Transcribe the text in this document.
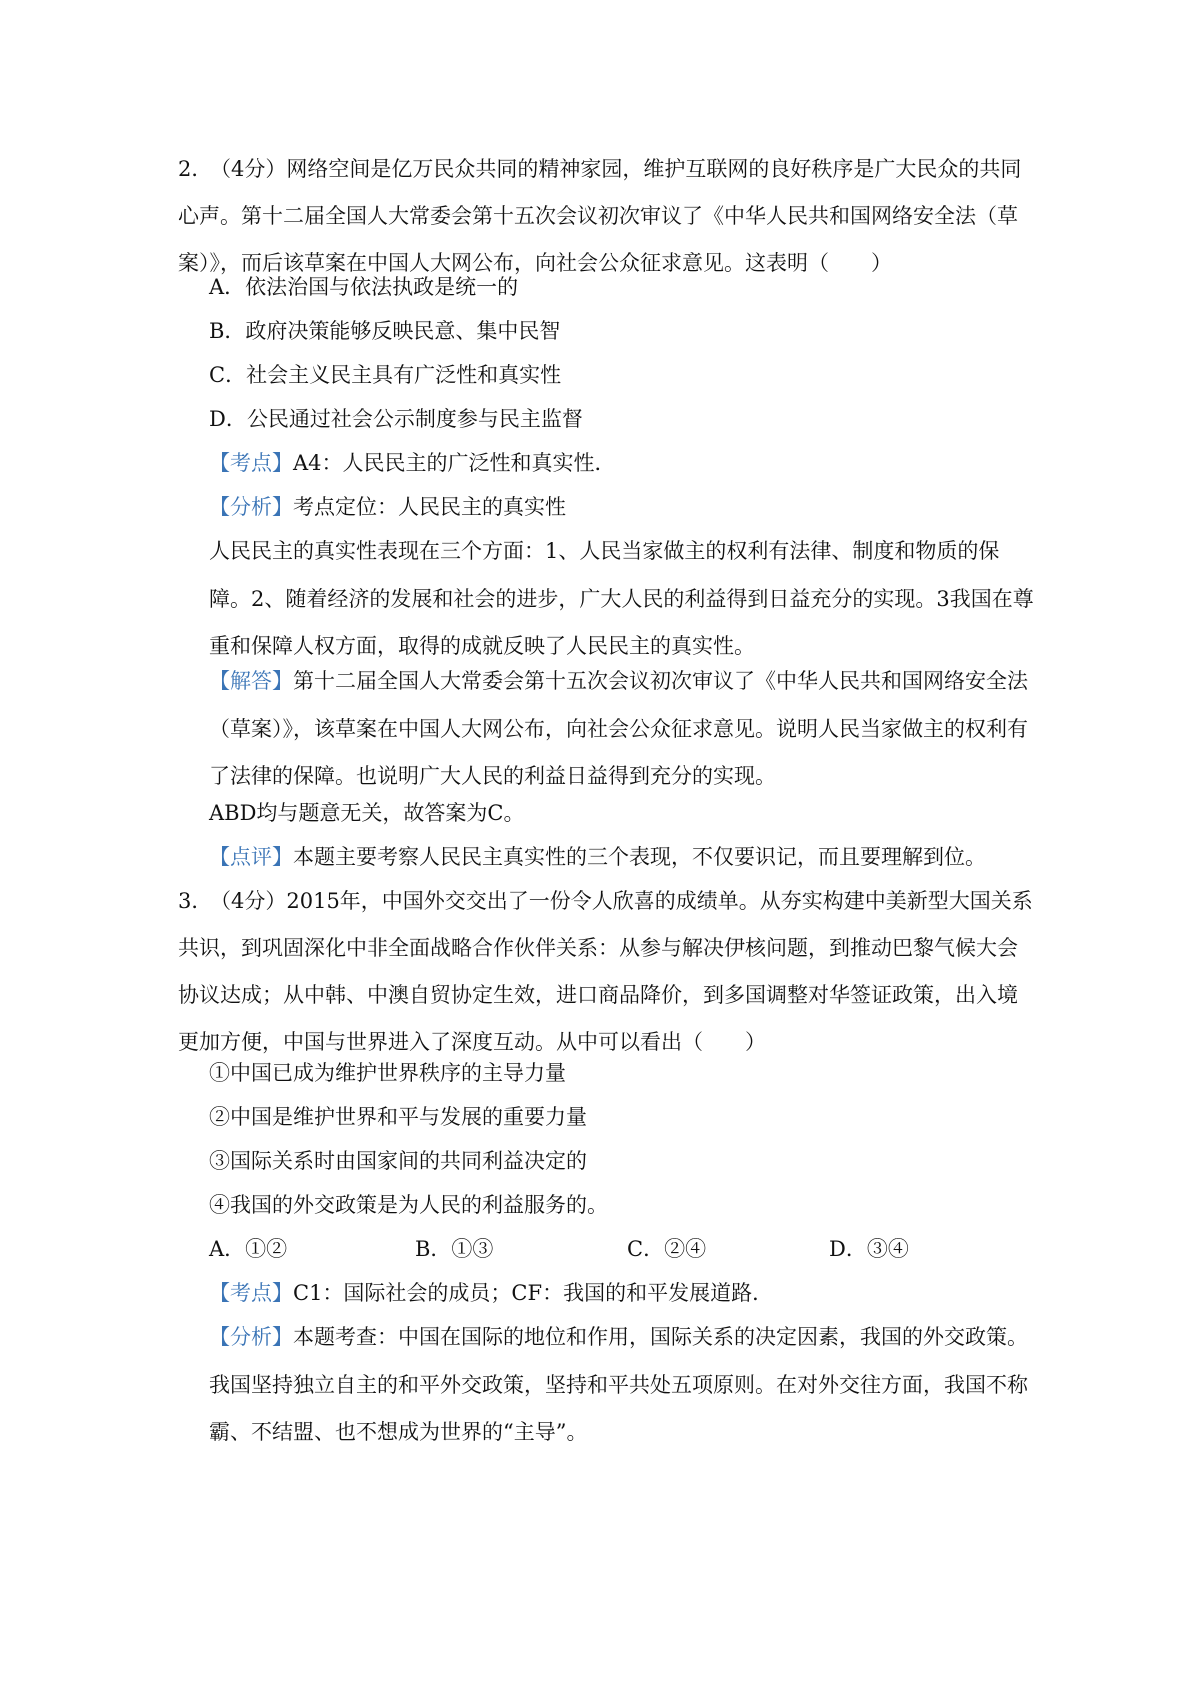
2．
（4分）网络空间是亿万民众共同的精神家园，维护互联网的良好秩序是广大民众的共同心声。第十二届全国人大常委会第十五次会议初次审议了《中华人民共和国网络安全法（草案）》，而后该草案在中国人大网公布，向社会公众征求意见。这表明（　　）
A．依法治国与依法执政是统一的
B．政府决策能够反映民意、集中民智
C．社会主义民主具有广泛性和真实性
D．公民通过社会公示制度参与民主监督
【考点】A4：人民民主的广泛性和真实性．
【分析】考点定位：人民民主的真实性
人民民主的真实性表现在三个方面：1、人民当家做主的权利有法律、制度和物质的保障。2、随着经济的发展和社会的进步，广大人民的利益得到日益充分的实现。3我国在尊重和保障人权方面，取得的成就反映了人民民主的真实性。
【解答】第十二届全国人大常委会第十五次会议初次审议了《中华人民共和国网络安全法（草案）》，该草案在中国人大网公布，向社会公众征求意见。说明人民当家做主的权利有了法律的保障。也说明广大人民的利益日益得到充分的实现。
ABD均与题意无关，故答案为C。
【点评】本题主要考察人民民主真实性的三个表现，不仅要识记，而且要理解到位。
3．
（4分）2015年，中国外交交出了一份令人欣喜的成绩单。从夯实构建中美新型大国关系共识，到巩固深化中非全面战略合作伙伴关系：从参与解决伊核问题，到推动巴黎气候大会协议达成；从中韩、中澳自贸协定生效，进口商品降价，到多国调整对华签证政策，出入境更加方便，中国与世界进入了深度互动。从中可以看出（　　）
①中国已成为维护世界秩序的主导力量
②中国是维护世界和平与发展的重要力量
③国际关系时由国家间的共同利益决定的
④我国的外交政策是为人民的利益服务的。
A．①②	B．①③	C．②④	D．③④
【考点】C1：国际社会的成员；CF：我国的和平发展道路．
【分析】本题考查：中国在国际的地位和作用，国际关系的决定因素，我国的外交政策。我国坚持独立自主的和平外交政策，坚持和平共处五项原则。在对外交往方面，我国不称霸、不结盟、也不想成为世界的“主导”。
